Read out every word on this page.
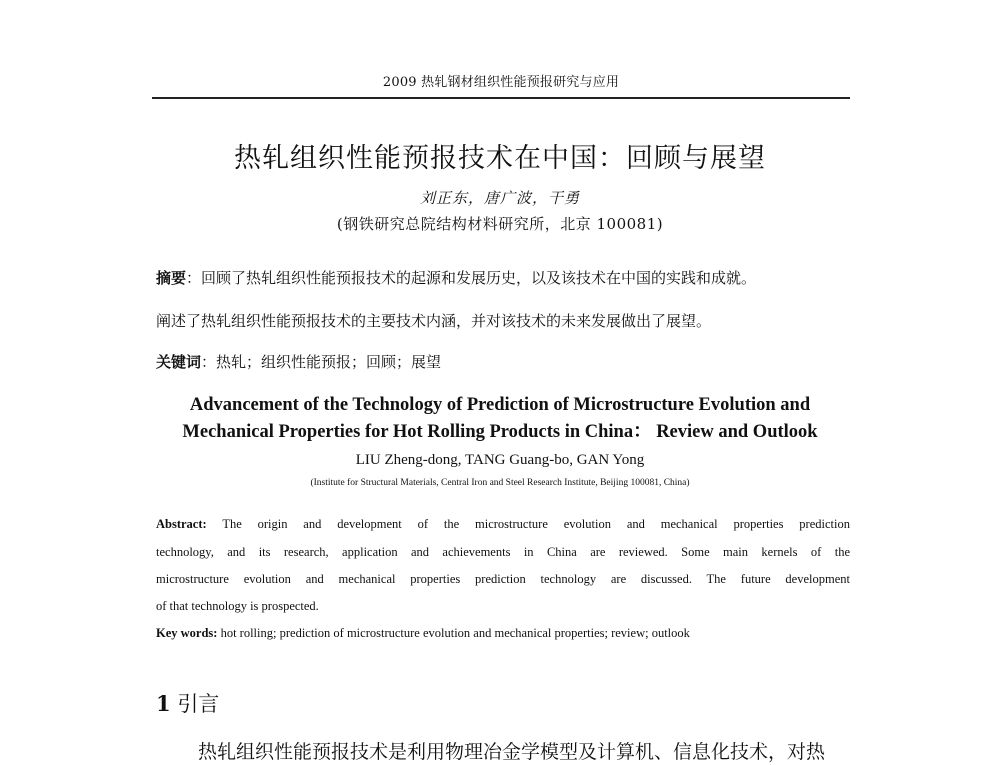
2009 热轧钢材组织性能预报研究与应用
热轧组织性能预报技术在中国：回顾与展望
刘正东，唐广波，干勇
(钢铁研究总院结构材料研究所，北京 100081)
摘要：回顾了热轧组织性能预报技术的起源和发展历史，以及该技术在中国的实践和成就。
阐述了热轧组织性能预报技术的主要技术内涵，并对该技术的未来发展做出了展望。
关键词：热轧；组织性能预报；回顾；展望
Advancement of the Technology of Prediction of Microstructure Evolution and
Mechanical Properties for Hot Rolling Products in China： Review and Outlook
LIU Zheng-dong, TANG Guang-bo, GAN Yong
(Institute for Structural Materials, Central Iron and Steel Research Institute, Beijing 100081, China)
Abstract: The origin and development of the microstructure evolution and mechanical properties prediction
technology, and its research, application and achievements in China are reviewed. Some main kernels of the
microstructure evolution and mechanical properties prediction technology are discussed. The future development
of that technology is prospected.
Key words: hot rolling; prediction of microstructure evolution and mechanical properties; review; outlook
1 引言
热轧组织性能预报技术是利用物理冶金学模型及计算机、信息化技术，对热
